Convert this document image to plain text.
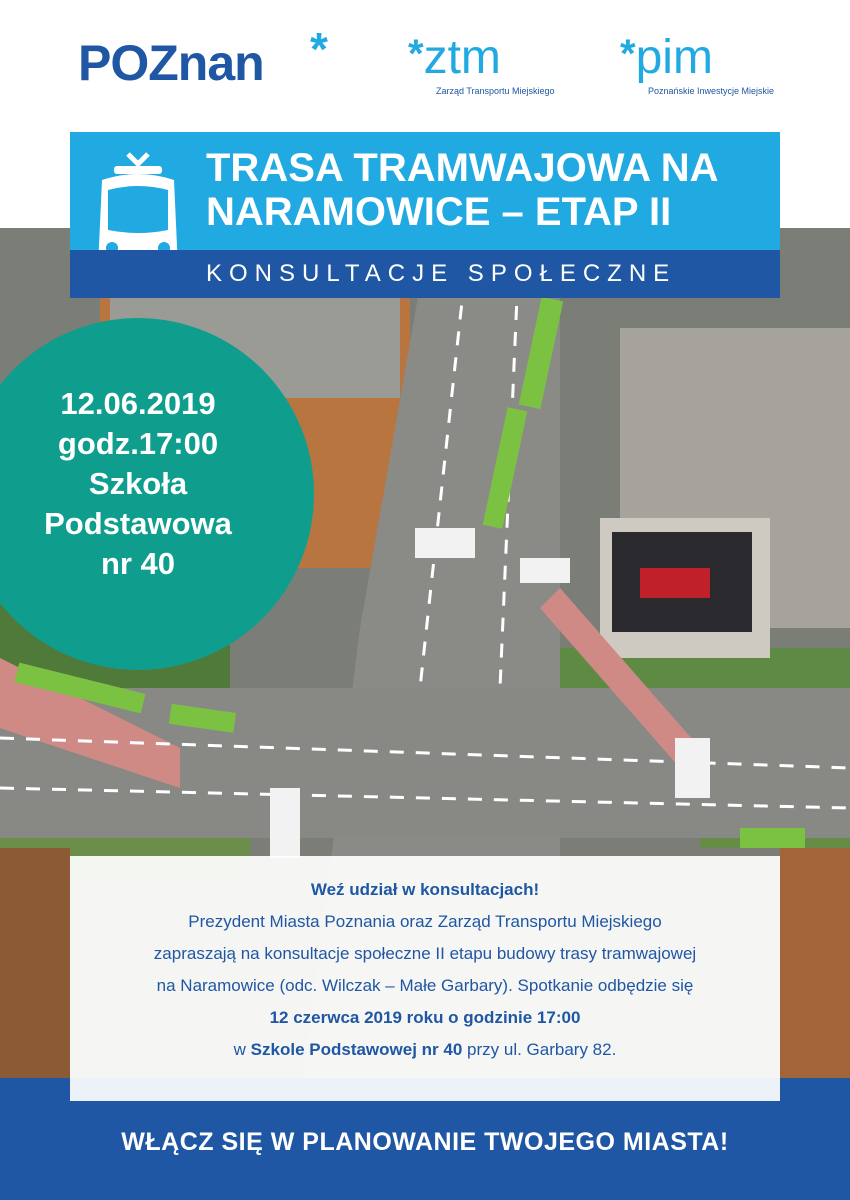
POZnan * *ztm
Zarząd Transportu Miejskiego
*pim
Poznańskie Inwestycje Miejskie
TRASA TRAMWAJOWA NA
NARAMOWICE – ETAP II
KONSULTACJE SPOŁECZNE
12.06.2019
godz.17:00
Szkoła
Podstawowa
nr 40
WŁĄCZ SIĘ W PLANOWANIE TWOJEGO MIASTA!
Weź udział w konsultacjach!
Prezydent Miasta Poznania oraz Zarząd Transportu Miejskiego
zapraszają na konsultacje społeczne II etapu budowy trasy tramwajowej
na Naramowice (odc. Wilczak – Małe Garbary). Spotkanie odbędzie się
12 czerwca 2019 roku o godzinie 17:00
w Szkole Podstawowej nr 40 przy ul. Garbary 82.
